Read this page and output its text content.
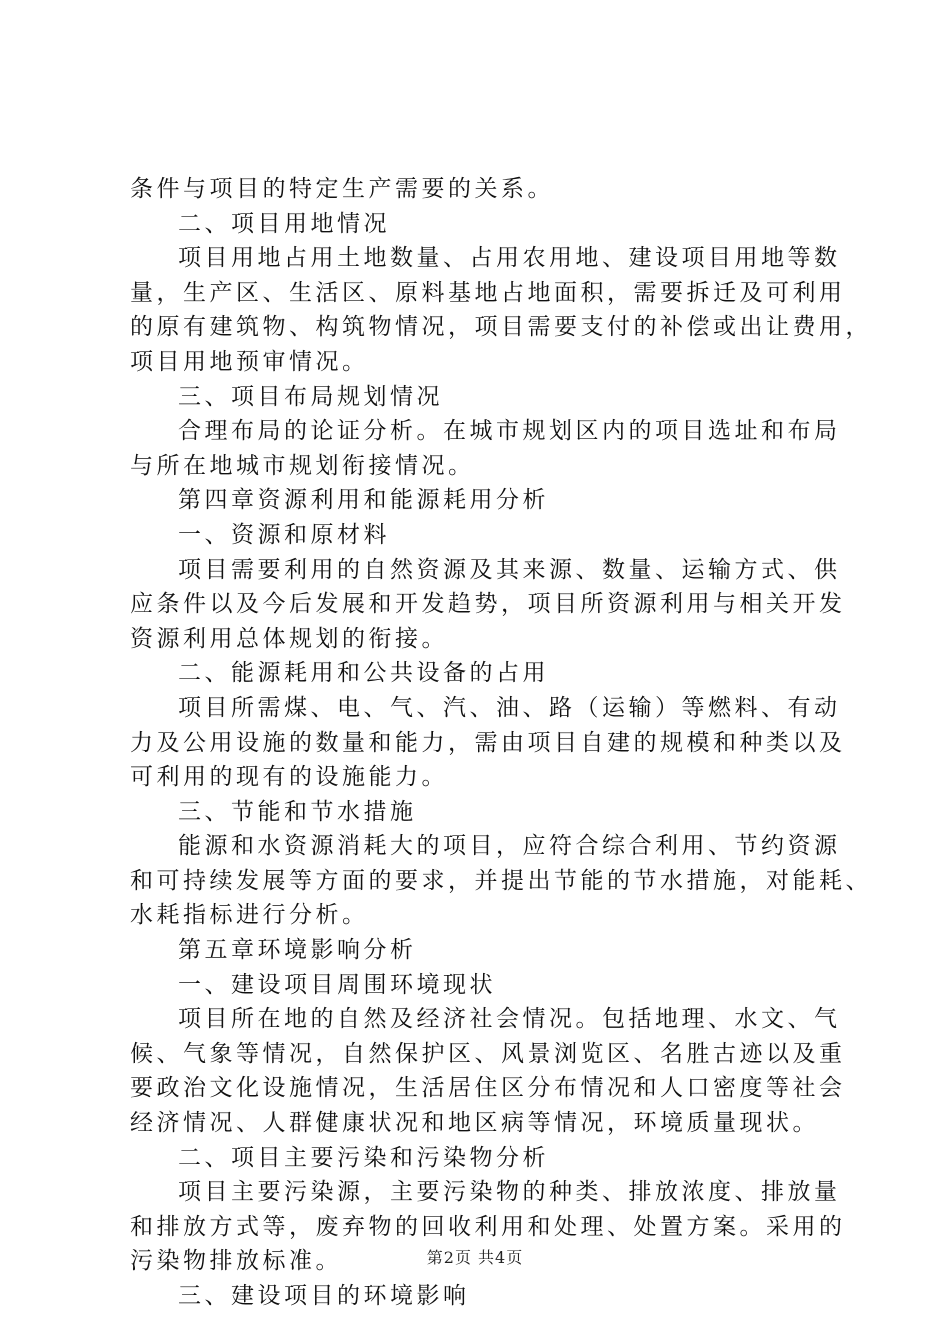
条件与项目的特定生产需要的关系。
二、项目用地情况
项目用地占用土地数量、占用农用地、建设项目用地等数
量，生产区、生活区、原料基地占地面积，需要拆迁及可利用
的原有建筑物、构筑物情况，项目需要支付的补偿或出让费用，
项目用地预审情况。
三、项目布局规划情况
合理布局的论证分析。在城市规划区内的项目选址和布局
与所在地城市规划衔接情况。
第四章资源利用和能源耗用分析
一、资源和原材料
项目需要利用的自然资源及其来源、数量、运输方式、供
应条件以及今后发展和开发趋势，项目所资源利用与相关开发
资源利用总体规划的衔接。
二、能源耗用和公共设备的占用
项目所需煤、电、气、汽、油、路（运输）等燃料、有动
力及公用设施的数量和能力，需由项目自建的规模和种类以及
可利用的现有的设施能力。
三、节能和节水措施
能源和水资源消耗大的项目，应符合综合利用、节约资源
和可持续发展等方面的要求，并提出节能的节水措施，对能耗、
水耗指标进行分析。
第五章环境影响分析
一、建设项目周围环境现状
项目所在地的自然及经济社会情况。包括地理、水文、气
候、气象等情况，自然保护区、风景浏览区、名胜古迹以及重
要政治文化设施情况，生活居住区分布情况和人口密度等社会
经济情况、人群健康状况和地区病等情况，环境质量现状。
二、项目主要污染和污染物分析
项目主要污染源，主要污染物的种类、排放浓度、排放量
和排放方式等，废弃物的回收利用和处理、处置方案。采用的
污染物排放标准。
三、建设项目的环境影响
第2页 共4页
